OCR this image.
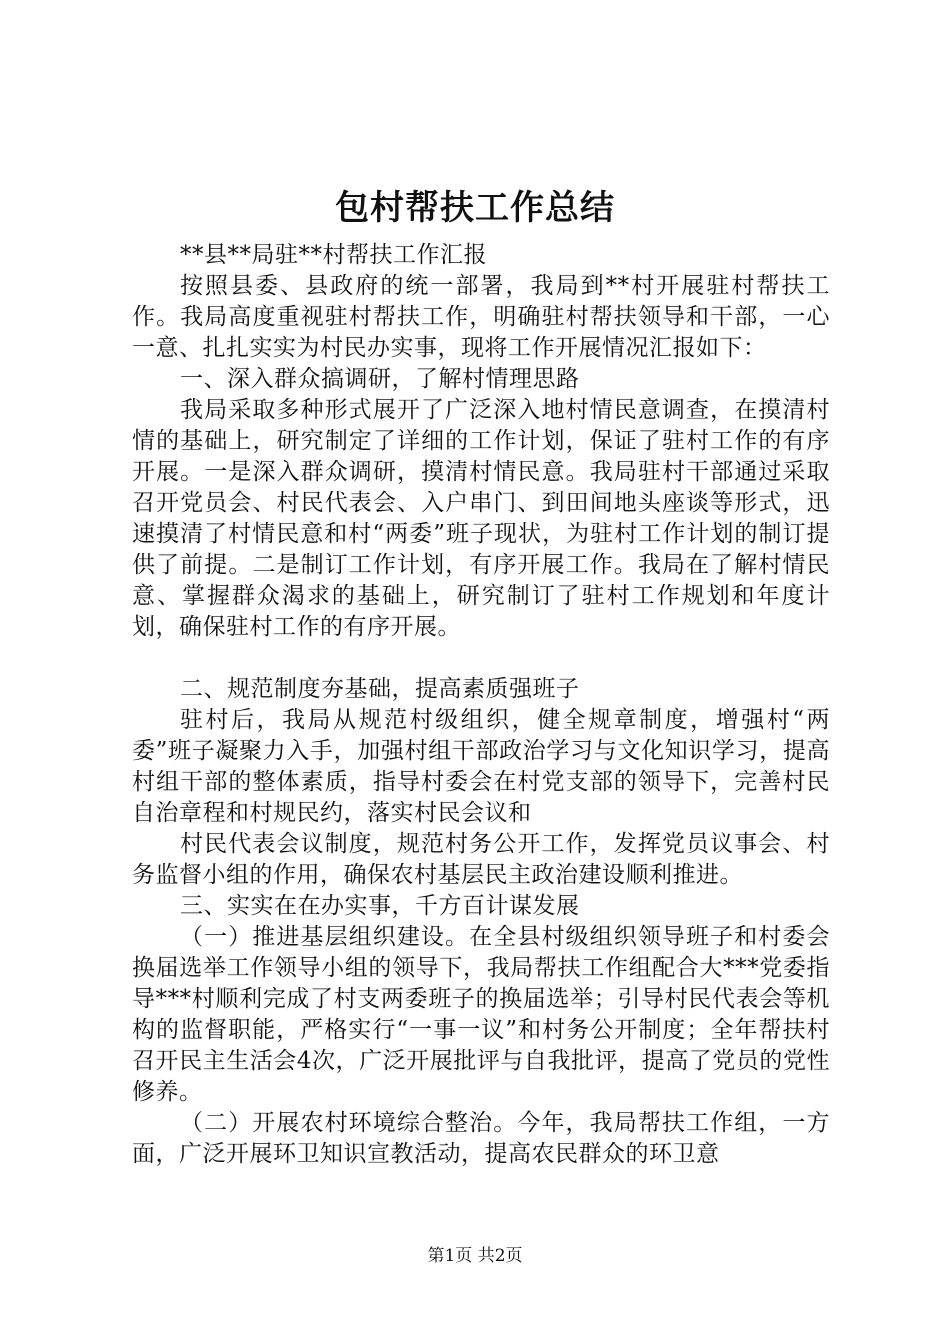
包村帮扶工作总结

**县**局驻**村帮扶工作汇报

按照县委、县政府的统一部署，我局到**村开展驻村帮扶工作。我局高度重视驻村帮扶工作，明确驻村帮扶领导和干部，一心一意、扎扎实实为村民办实事，现将工作开展情况汇报如下：

一、深入群众搞调研，了解村情理思路

我局采取多种形式展开了广泛深入地村情民意调查，在摸清村情的基础上，研究制定了详细的工作计划，保证了驻村工作的有序开展。一是深入群众调研，摸清村情民意。我局驻村干部通过采取召开党员会、村民代表会、入户串门、到田间地头座谈等形式，迅速摸清了村情民意和村“两委”班子现状，为驻村工作计划的制订提供了前提。二是制订工作计划，有序开展工作。我局在了解村情民意、掌握群众渴求的基础上，研究制订了驻村工作规划和年度计划，确保驻村工作的有序开展。

二、规范制度夯基础，提高素质强班子

驻村后，我局从规范村级组织，健全规章制度，增强村“两委”班子凝聚力入手，加强村组干部政治学习与文化知识学习，提高村组干部的整体素质，指导村委会在村党支部的领导下，完善村民自治章程和村规民约，落实村民会议和

村民代表会议制度，规范村务公开工作，发挥党员议事会、村务监督小组的作用，确保农村基层民主政治建设顺利推进。

三、实实在在办实事，千方百计谋发展

（一）推进基层组织建设。在全县村级组织领导班子和村委会换届选举工作领导小组的领导下，我局帮扶工作组配合大***党委指导***村顺利完成了村支两委班子的换届选举；引导村民代表会等机构的监督职能，严格实行“一事一议”和村务公开制度；全年帮扶村召开民主生活会4次，广泛开展批评与自我批评，提高了党员的党性修养。

（二）开展农村环境综合整治。今年，我局帮扶工作组，一方面，广泛开展环卫知识宣教活动，提高农民群众的环卫意

第1页 共2页
